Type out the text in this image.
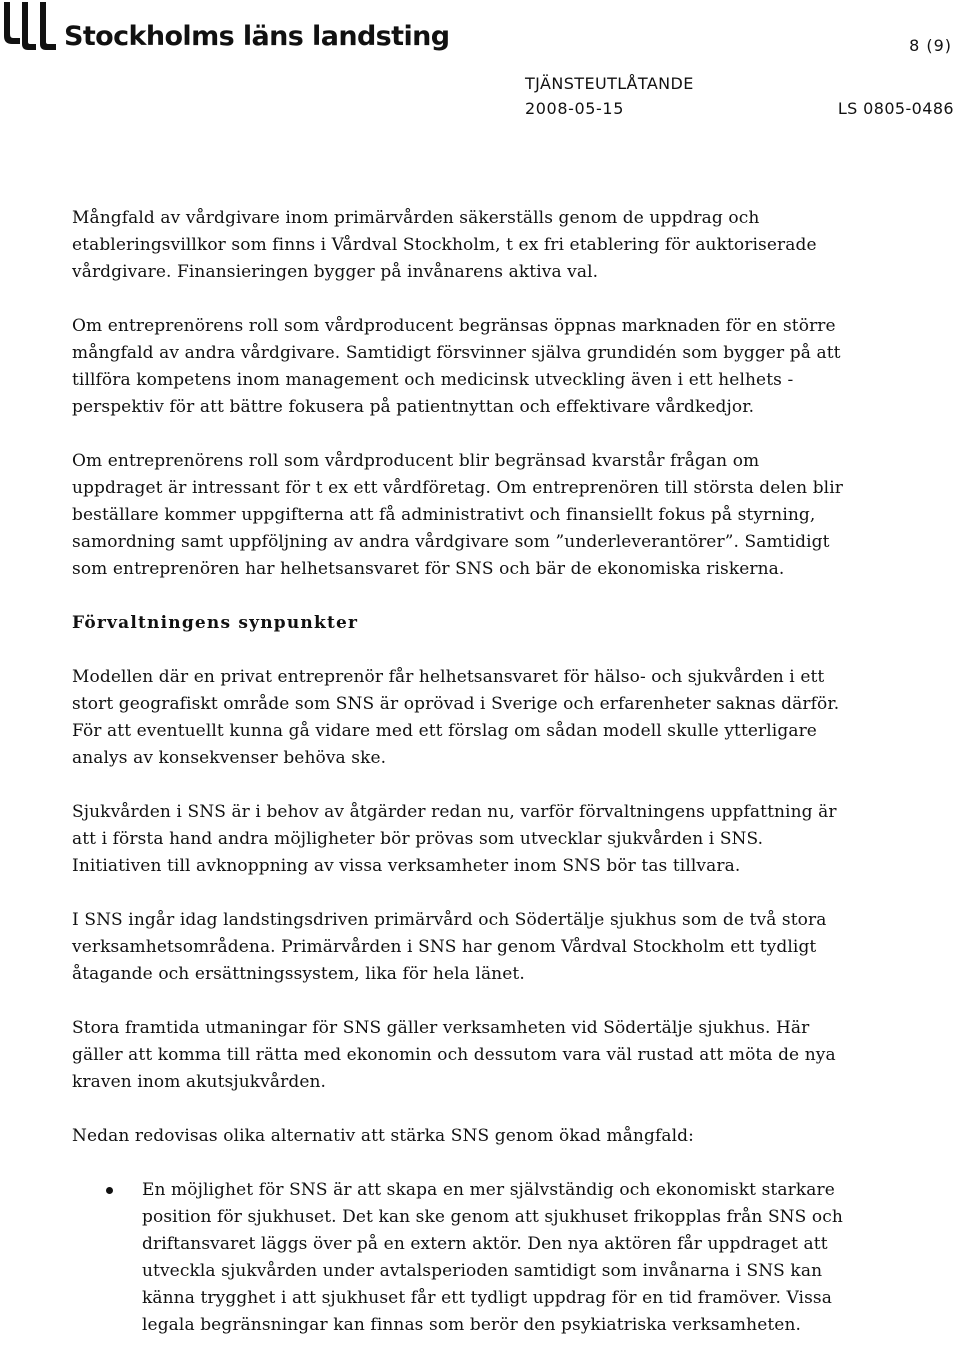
Stockholms läns landsting	8 (9)
TJÄNSTEUTLÅTANDE
2008-05-15	LS 0805-0486

Mångfald av vårdgivare inom primärvården säkerställs genom de uppdrag och

etableringsvillkor som finns i Vårdval Stockholm, t ex fri etablering för auktoriserade

vårdgivare. Finansieringen bygger på invånarens aktiva val.

Om entreprenörens roll som vårdproducent begränsas öppnas marknaden för en större

mångfald av andra vårdgivare. Samtidigt försvinner själva grundidén som bygger på att

tillföra kompetens inom management och medicinsk utveckling även i ett helhets -

perspektiv för att bättre fokusera på patientnyttan och effektivare vårdkedjor.

Om entreprenörens roll som vårdproducent blir begränsad kvarstår frågan om

uppdraget är intressant för t ex ett vårdföretag. Om entreprenören till största delen blir

beställare kommer uppgifterna att få administrativt och finansiellt fokus på styrning,

samordning samt uppföljning av andra vårdgivare som ”underleverantörer”. Samtidigt

som entreprenören har helhetsansvaret för SNS och bär de ekonomiska riskerna.

Förvaltningens synpunkter

Modellen där en privat entreprenör får helhetsansvaret för hälso- och sjukvården i ett

stort geografiskt område som SNS är oprövad i Sverige och erfarenheter saknas därför.

För att eventuellt kunna gå vidare med ett förslag om sådan modell skulle ytterligare

analys av konsekvenser behöva ske.

Sjukvården i SNS är i behov av åtgärder redan nu, varför förvaltningens uppfattning är

att i första hand andra möjligheter bör prövas som utvecklar sjukvården i SNS.

Initiativen till avknoppning av vissa verksamheter inom SNS bör tas tillvara.

I SNS ingår idag landstingsdriven primärvård och Södertälje sjukhus som de två stora

verksamhetsområdena. Primärvården i SNS har genom Vårdval Stockholm ett tydligt

åtagande och ersättningssystem, lika för hela länet.

Stora framtida utmaningar för SNS gäller verksamheten vid Södertälje sjukhus. Här

gäller att komma till rätta med ekonomin och dessutom vara väl rustad att möta de nya

kraven inom akutsjukvården.

Nedan redovisas olika alternativ att stärka SNS genom ökad mångfald:

En möjlighet för SNS är att skapa en mer självständig och ekonomiskt starkare

position för sjukhuset. Det kan ske genom att sjukhuset frikopplas från SNS och

driftansvaret läggs över på en extern aktör. Den nya aktören får uppdraget att

utveckla sjukvården under avtalsperioden samtidigt som invånarna i SNS kan

känna trygghet i att sjukhuset får ett tydligt uppdrag för en tid framöver. Vissa

legala begränsningar kan finnas som berör den psykiatriska verksamheten.
